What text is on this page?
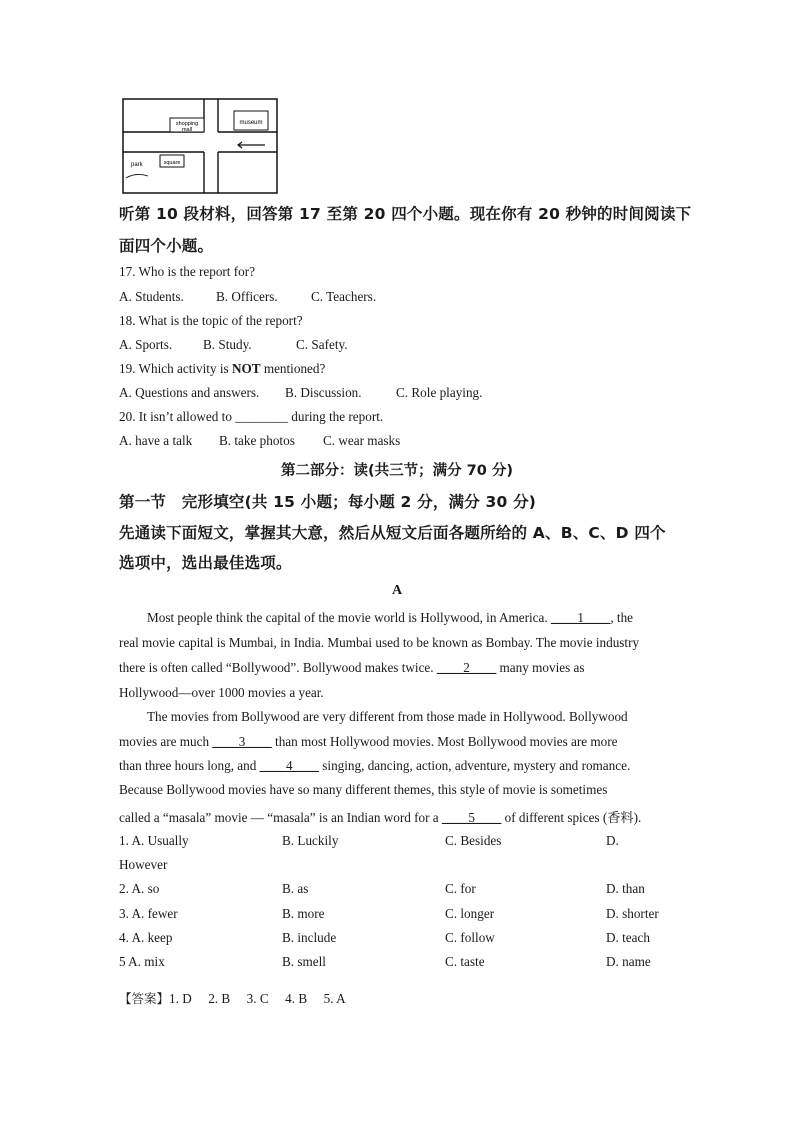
shopping
mall
museum
park	square
听第 10 段材料，回答第 17 至第 20 四个小题。现在你有 20 秒钟的时间阅读下
面四个小题。
17. Who is the report for?
A. Students. B. Officers.	C. Teachers.
18. What is the topic of the report?
A. Sports. B. Study.	C. Safety.
19. Which activity is NOT mentioned?
A. Questions and answers. B. Discussion.	C. Role playing.
20. It isn’t allowed to ________ during the report.
A. have a talk B. take photos C. wear masks
第二部分：读(共三节；满分 70 分)
第一节　完形填空(共 15 小题；每小题 2 分，满分 30 分)
先通读下面短文，掌握其大意，然后从短文后面各题所给的 A、B、C、D 四个
选项中，选出最佳选项。
A
Most people think the capital of the movie world is Hollywood, in America. ____1____, the
real movie capital is Mumbai, in India. Mumbai used to be known as Bombay. The movie industry
there is often called “Bollywood”. Bollywood makes twice. ____2____ many movies as
Hollywood—over 1000 movies a year.
The movies from Bollywood are very different from those made in Hollywood. Bollywood
movies are much ____3____ than most Hollywood movies. Most Bollywood movies are more
than three hours long, and ____4____ singing, dancing, action, adventure, mystery and romance.
Because Bollywood movies have so many different themes, this style of movie is sometimes
called a “masala” movie — “masala” is an Indian word for a ____5____ of different spices (香料).
1. A. Usually	B. Luckily	C. Besides	D.
However
2. A. so	B. as	C. for	D. than
3. A. fewer	B. more	C. longer	D. shorter
4. A. keep	B. include	C. follow	D. teach
5 A. mix	B. smell	C. taste	D. name
【答案】1. D     2. B     3. C     4. B     5. A
